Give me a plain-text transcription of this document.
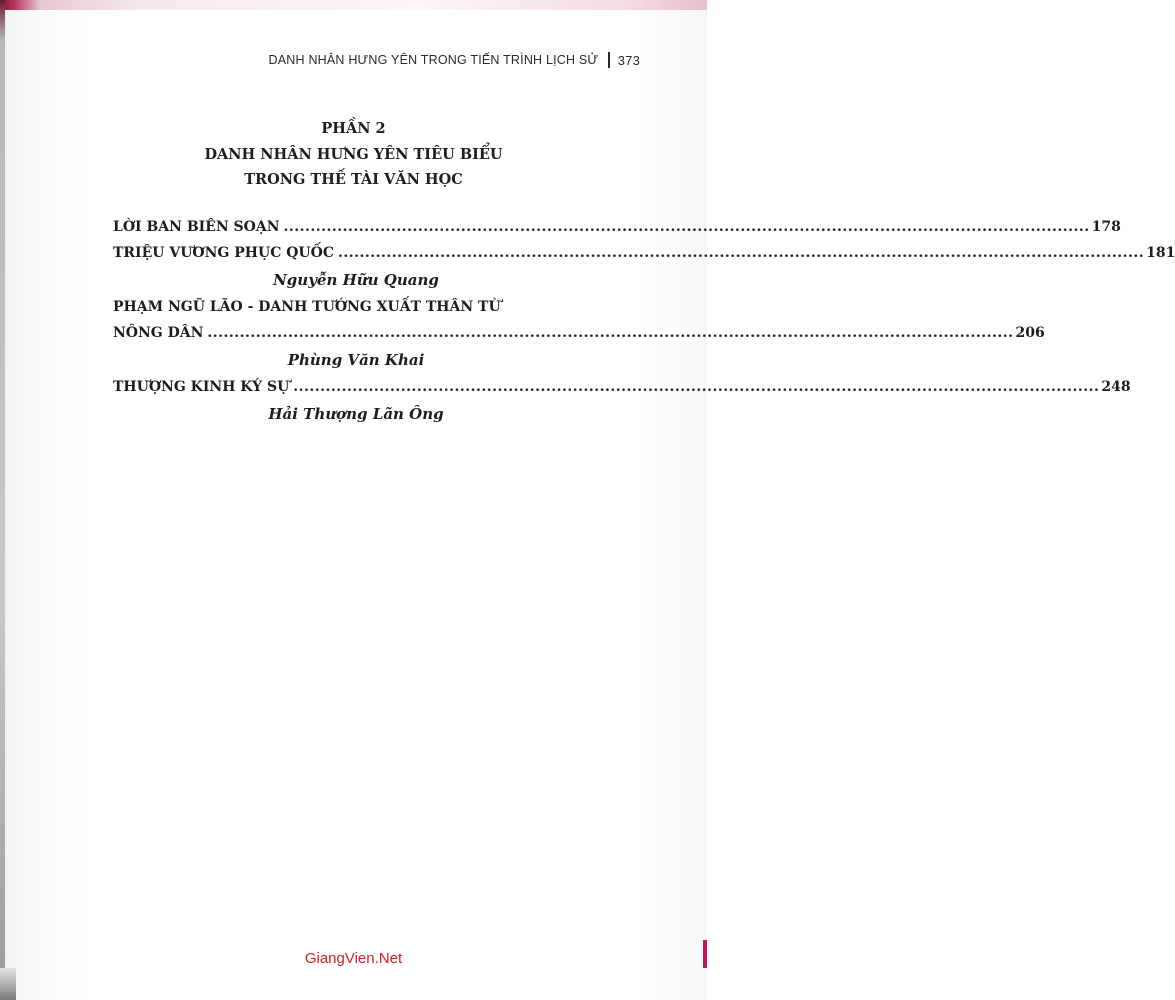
DANH NHÂN HƯNG YÊN TRONG TIẾN TRÌNH LỊCH SỬ 373
PHẦN 2
DANH NHÂN HƯNG YÊN TIÊU BIỂU
TRONG THẾ TÀI VĂN HỌC
LỜI BAN BIÊN SOẠN ...................................................................................................................................................... 178
TRIỆU VƯƠNG PHỤC QUỐC ...................................................................................................................................................... 181
Nguyễn Hữu Quang
PHẠM NGŨ LÃO - DANH TƯỚNG XUẤT THÂN TỪ
NÔNG DÂN ...................................................................................................................................................... 206
Phùng Văn Khai
THƯỢNG KINH KÝ SỰ ...................................................................................................................................................... 248
Hải Thượng Lãn Ông
GiangVien.Net
